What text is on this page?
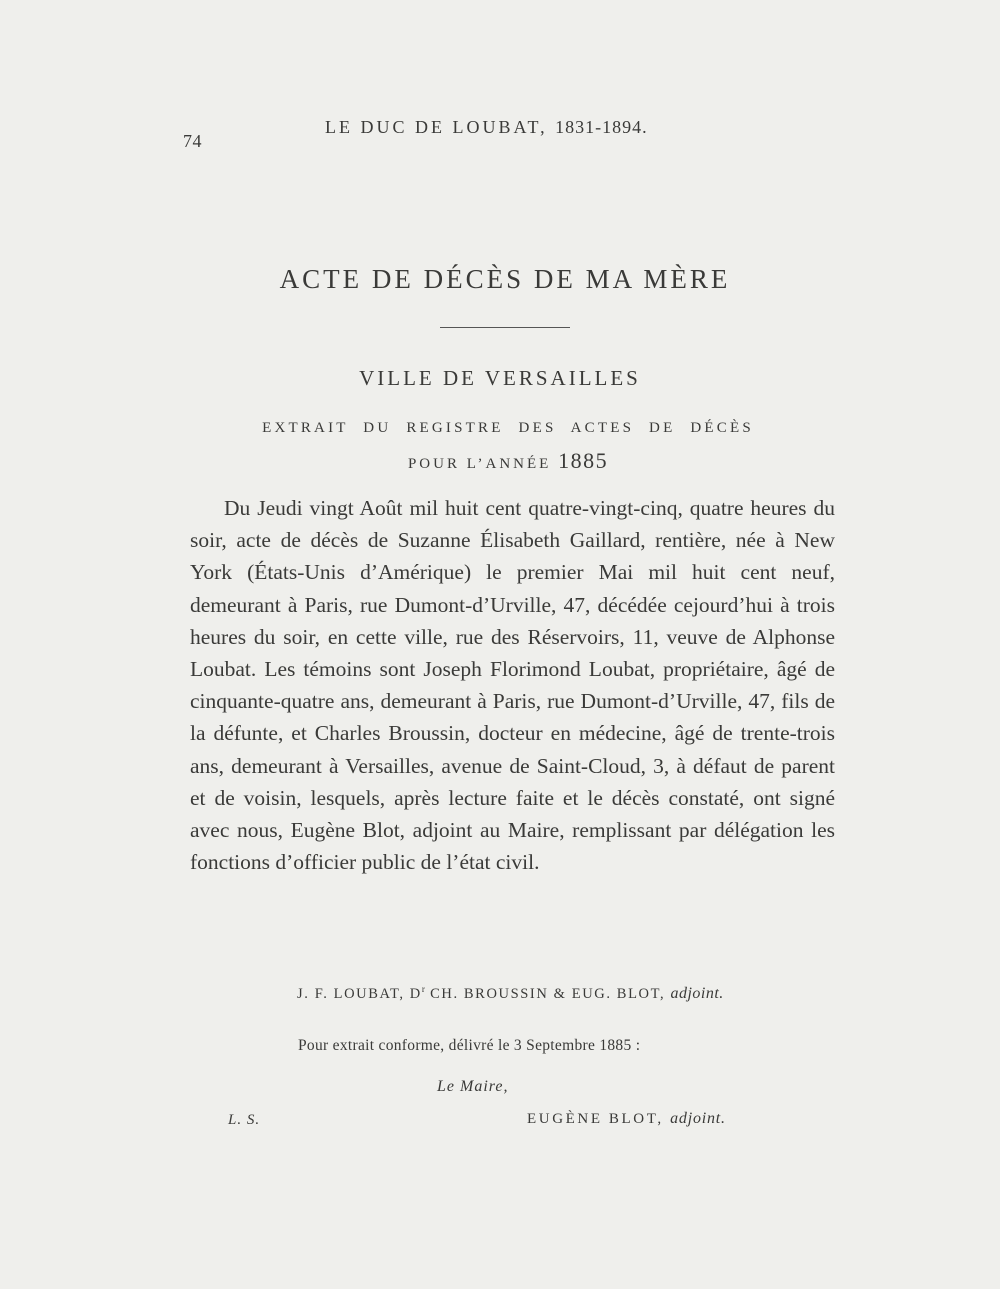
74
LE DUC DE LOUBAT, 1831-1894.
ACTE DE DÉCÈS DE MA MÈRE
VILLE DE VERSAILLES
EXTRAIT DU REGISTRE DES ACTES DE DÉCÈS
POUR L’ANNÉE 1885
Du Jeudi vingt Août mil huit cent quatre-vingt-cinq, quatre heures du soir, acte de décès de Suzanne Élisabeth Gaillard, rentière, née à New York (États-Unis d’Amérique) le premier Mai mil huit cent neuf, demeurant à Paris, rue Dumont-d’Urville, 47, décédée cejourd’hui à trois heures du soir, en cette ville, rue des Réservoirs, 11, veuve de Alphonse Loubat. Les témoins sont Joseph Florimond Loubat, propriétaire, âgé de cinquante-quatre ans, demeurant à Paris, rue Dumont-d’Urville, 47, fils de la défunte, et Charles Broussin, docteur en médecine, âgé de trente-trois ans, demeurant à Versailles, avenue de Saint-Cloud, 3, à défaut de parent et de voisin, lesquels, après lecture faite et le décès constaté, ont signé avec nous, Eugène Blot, adjoint au Maire, remplissant par délégation les fonctions d’officier public de l’état civil.
J. F. LOUBAT, $D^r$ CH. BROUSSIN & EUG. BLOT, adjoint.
Pour extrait conforme, délivré le 3 Septembre 1885 :
Le Maire,
L. S.	EUGÈNE BLOT, adjoint.
